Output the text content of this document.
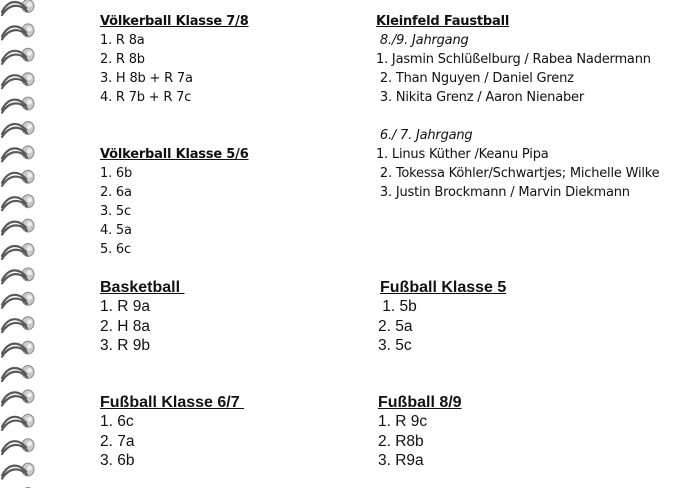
Völkerball Klasse 7/8
1. R 8a
2. R 8b
3. H 8b + R 7a
4. R 7b + R 7c
Völkerball Klasse 5/6
1. 6b
2. 6a
3. 5c
4. 5a
5. 6c
Kleinfeld Faustball
8./9. Jahrgang
1. Jasmin Schlüßelburg / Rabea Nadermann
2. Than Nguyen / Daniel Grenz
3. Nikita Grenz / Aaron Nienaber

6./ 7. Jahrgang
1. Linus Küther /Keanu Pipa
2. Tokessa Köhler/Schwartjes; Michelle Wilke
3. Justin Brockmann / Marvin Diekmann
Basketball
1. R 9a
2. H 8a
3. R 9b
Fußball Klasse 5
1. 5b
2. 5a
3. 5c
Fußball Klasse 6/7
1. 6c
2. 7a
3. 6b
Fußball 8/9
1. R 9c
2. R8b
3. R9a
